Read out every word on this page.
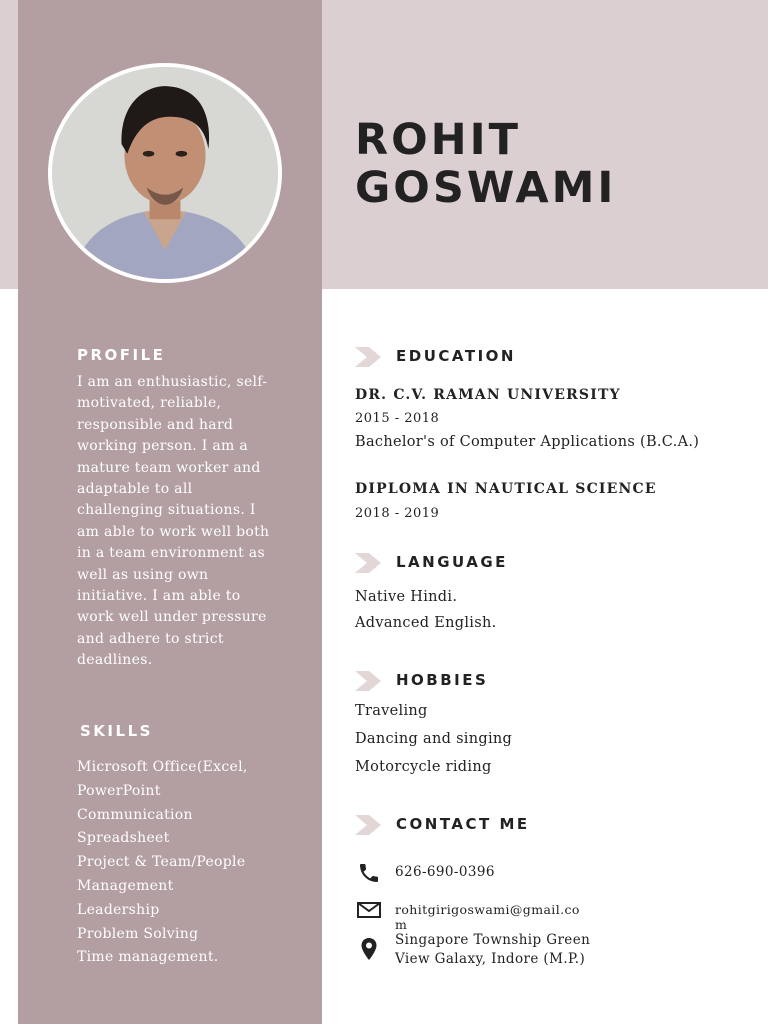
ROHIT
GOSWAMI
PROFILE
I am an enthusiastic, self-motivated, reliable, responsible and hard working person. I am a mature team worker and adaptable to all challenging situations. I am able to work well both in a team environment as well as using own initiative. I am able to work well under pressure and adhere to strict deadlines.
SKILLS
Microsoft Office(Excel,
PowerPoint
Communication
Spreadsheet
Project & Team/People
Management
Leadership
Problem Solving
Time management.
EDUCATION
DR. C.V. RAMAN UNIVERSITY
2015 - 2018
Bachelor's of Computer Applications (B.C.A.)
DIPLOMA IN NAUTICAL SCIENCE
2018 - 2019
LANGUAGE
Native Hindi.
Advanced English.
HOBBIES
Traveling
Dancing and singing
Motorcycle riding
CONTACT ME
626-690-0396
rohitgirigoswami@gmail.co
m
Singapore Township Green
View Galaxy, Indore (M.P.)
